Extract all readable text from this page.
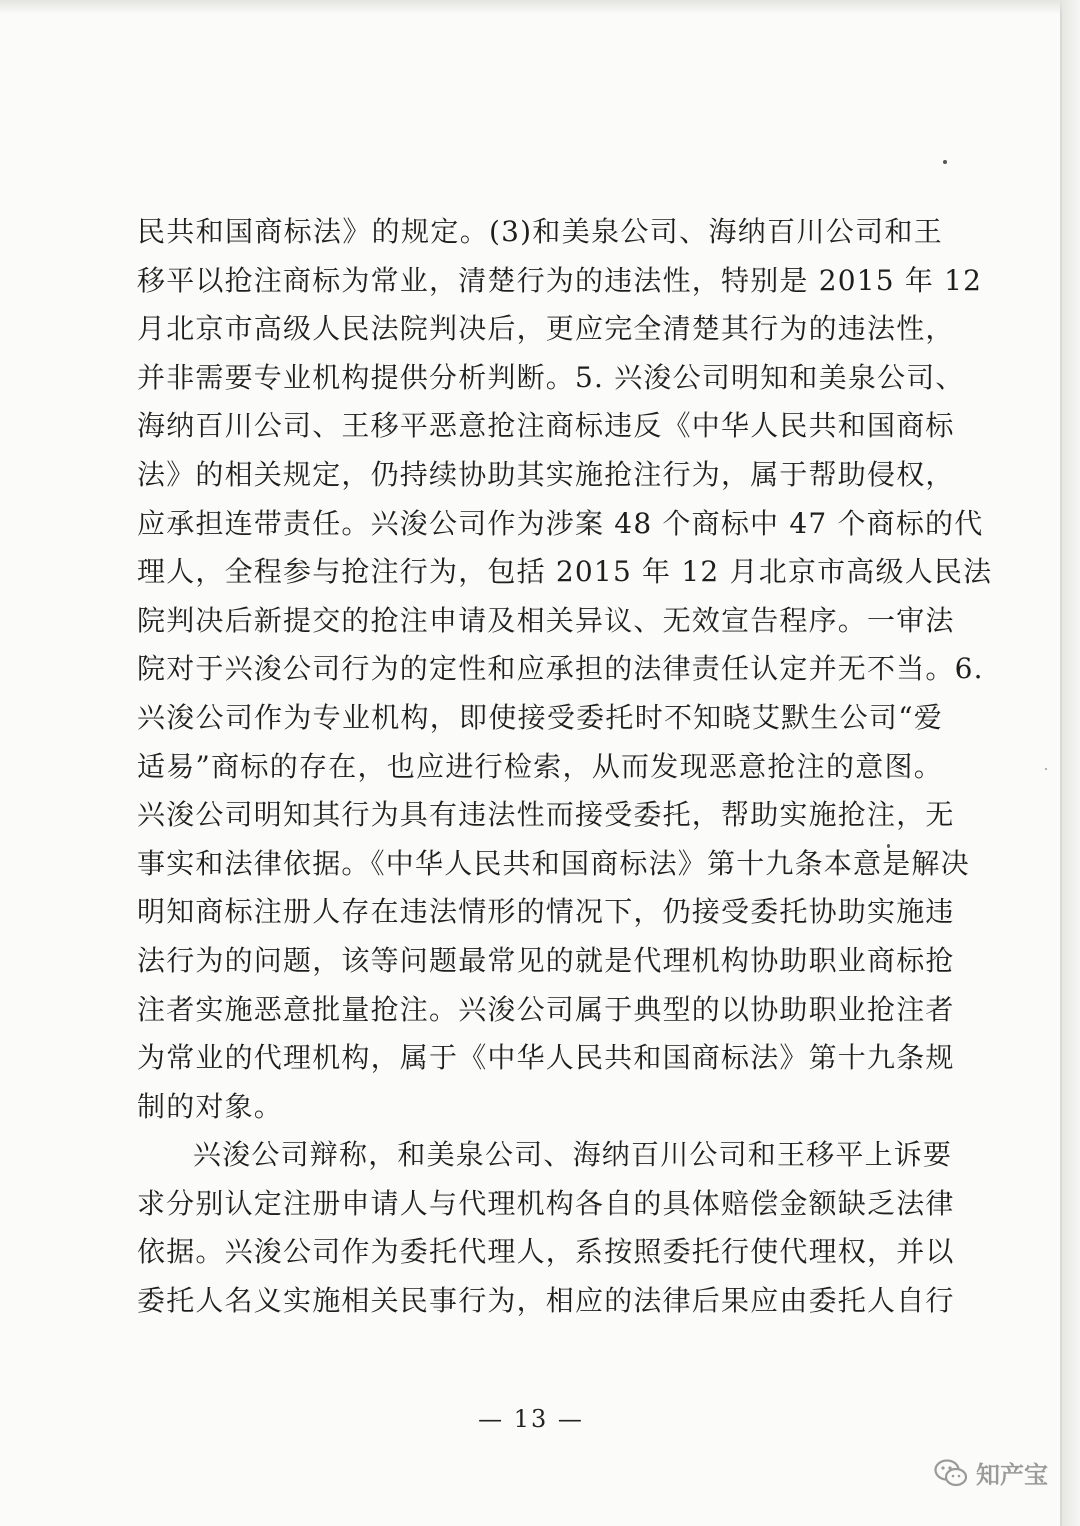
民共和国商标法》的规定。(3)和美泉公司、海纳百川公司和王
移平以抢注商标为常业，清楚行为的违法性，特别是 2015 年 12
月北京市高级人民法院判决后，更应完全清楚其行为的违法性，
并非需要专业机构提供分析判断。5. 兴浚公司明知和美泉公司、
海纳百川公司、王移平恶意抢注商标违反《中华人民共和国商标
法》的相关规定，仍持续协助其实施抢注行为，属于帮助侵权，
应承担连带责任。兴浚公司作为涉案 48 个商标中 47 个商标的代
理人，全程参与抢注行为，包括 2015 年 12 月北京市高级人民法
院判决后新提交的抢注申请及相关异议、无效宣告程序。一审法
院对于兴浚公司行为的定性和应承担的法律责任认定并无不当。6.
兴浚公司作为专业机构，即使接受委托时不知晓艾默生公司“爱
适易”商标的存在，也应进行检索，从而发现恶意抢注的意图。
兴浚公司明知其行为具有违法性而接受委托，帮助实施抢注，无
事实和法律依据。《中华人民共和国商标法》第十九条本意是解决
明知商标注册人存在违法情形的情况下，仍接受委托协助实施违
法行为的问题，该等问题最常见的就是代理机构协助职业商标抢
注者实施恶意批量抢注。兴浚公司属于典型的以协助职业抢注者
为常业的代理机构，属于《中华人民共和国商标法》第十九条规
制的对象。
兴浚公司辩称，和美泉公司、海纳百川公司和王移平上诉要
求分别认定注册申请人与代理机构各自的具体赔偿金额缺乏法律
依据。兴浚公司作为委托代理人，系按照委托行使代理权，并以
委托人名义实施相关民事行为，相应的法律后果应由委托人自行
— 13 —
知产宝
